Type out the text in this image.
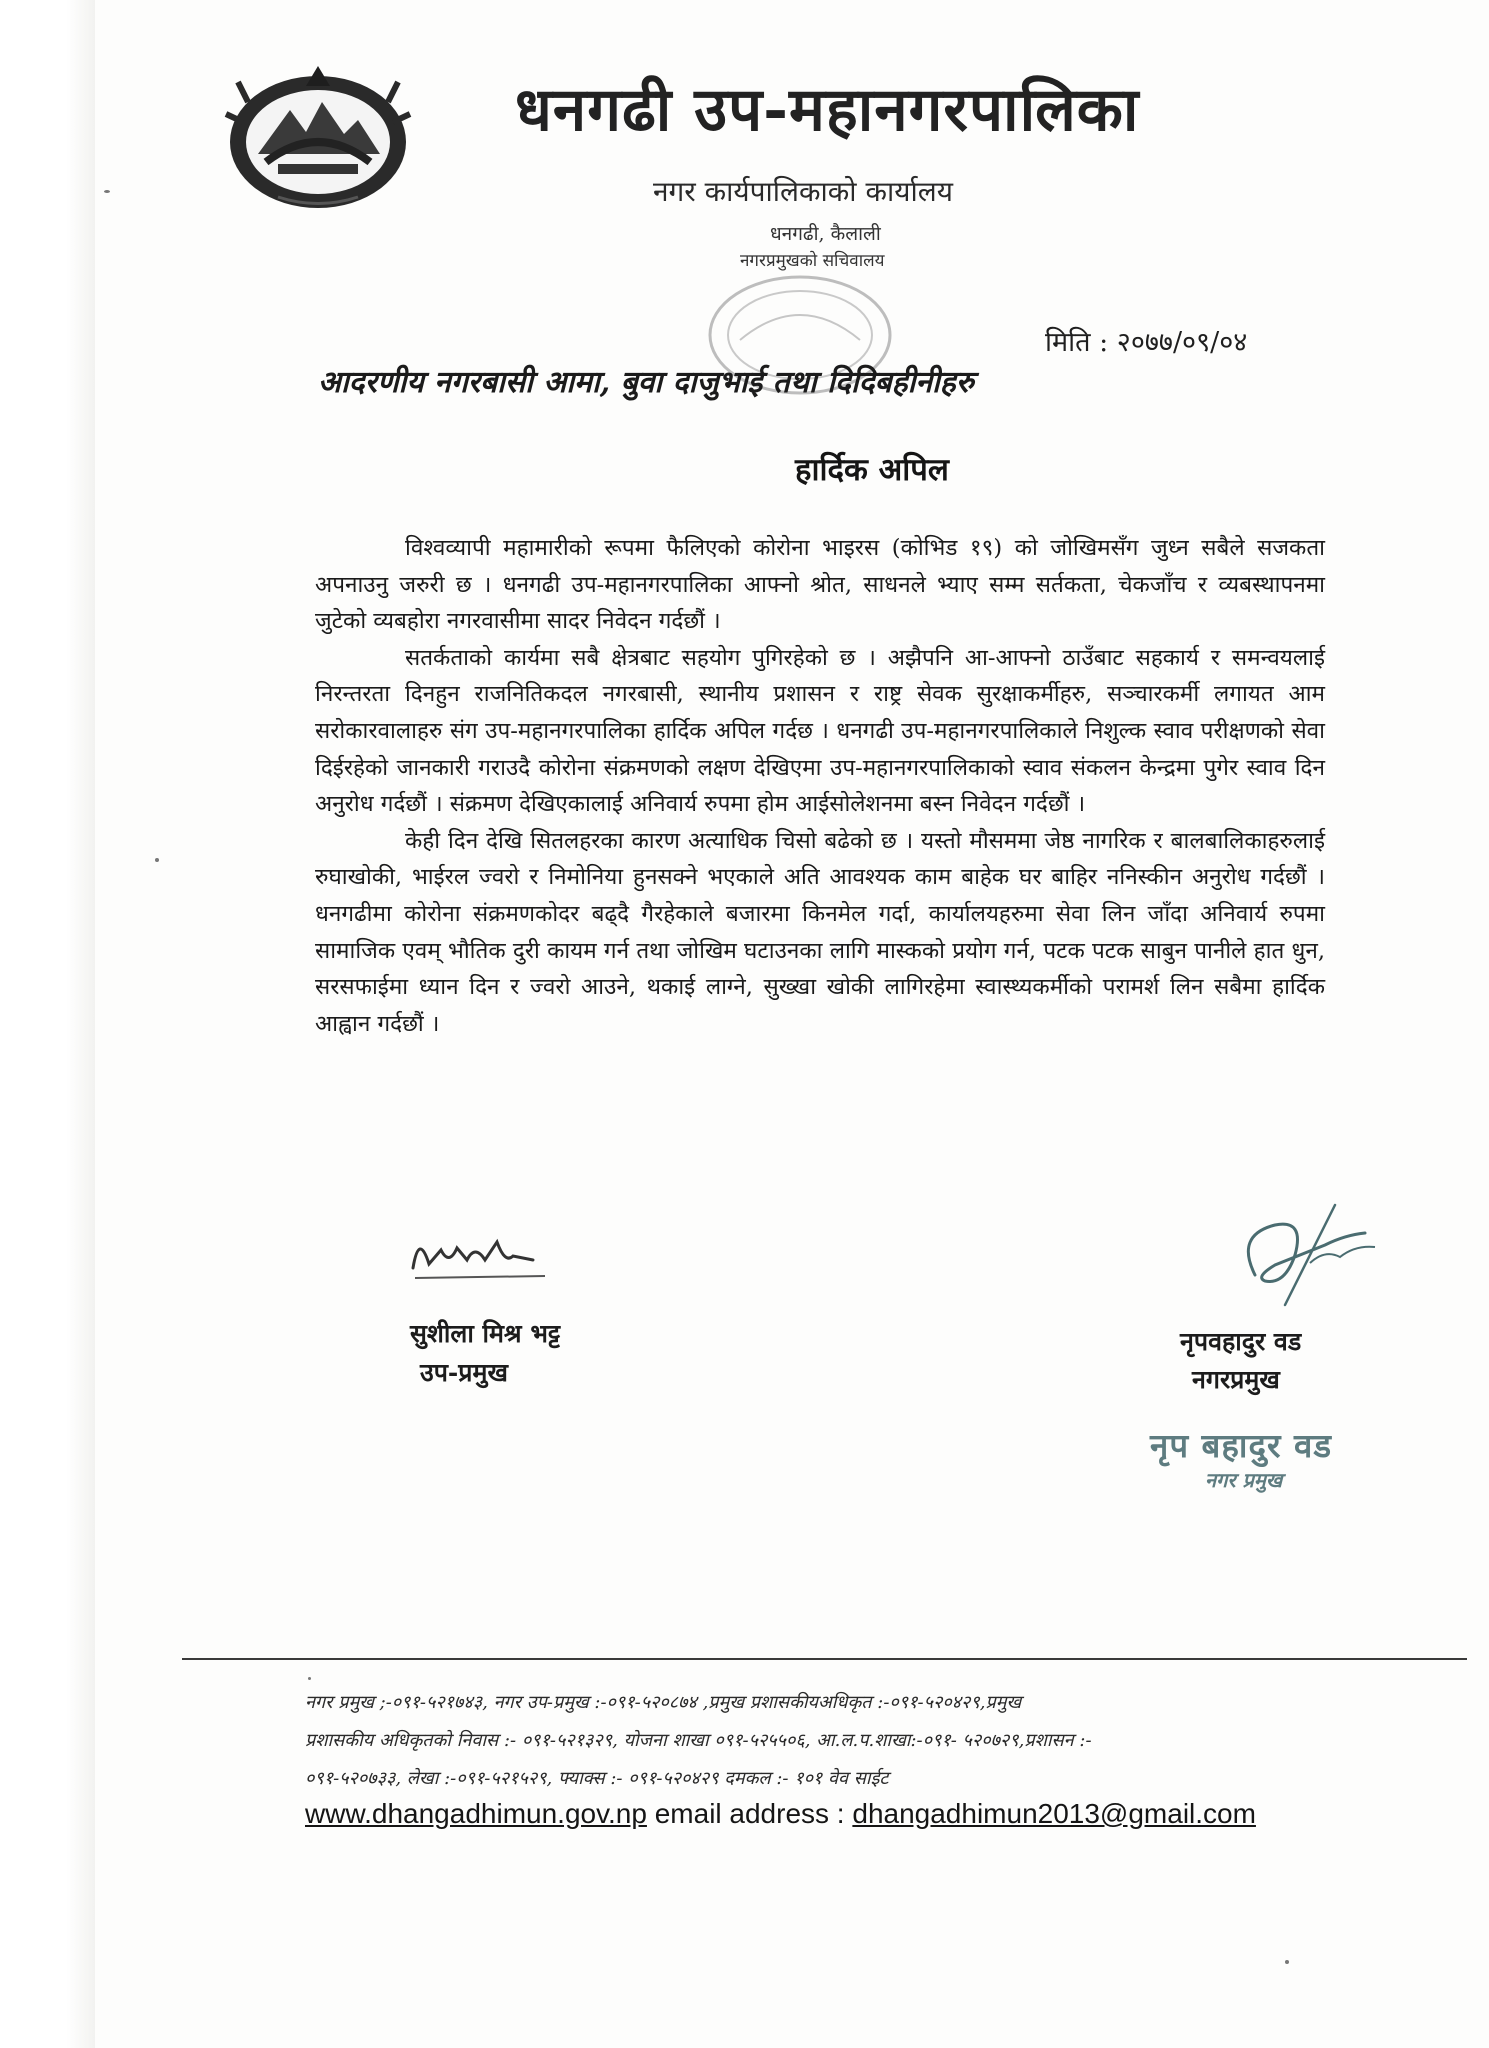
धनगढी उप-महानगरपालिका
नगर कार्यपालिकाको कार्यालय
धनगढी, कैलाली
नगरप्रमुखको सचिवालय
मिति : २०७७/०९/०४
आदरणीय नगरबासी आमा, बुवा दाजुभाई तथा दिदिबहीनीहरु
हार्दिक अपिल

विश्वव्यापी महामारीको रूपमा फैलिएको कोरोना भाइरस (कोभिड १९) को जोखिमसँग जुध्न सबैले सजकता अपनाउनु जरुरी छ । धनगढी उप-महानगरपालिका आफ्नो श्रोत, साधनले भ्याए सम्म सर्तकता, चेकजाँच र व्यबस्थापनमा जुटेको व्यबहोरा नगरवासीमा सादर निवेदन गर्दछौं ।

सतर्कताको कार्यमा सबै क्षेत्रबाट सहयोग पुगिरहेको छ । अझैपनि आ-आफ्नो ठाउँबाट सहकार्य र समन्वयलाई निरन्तरता दिनहुन राजनितिकदल नगरबासी, स्थानीय प्रशासन र राष्ट्र सेवक सुरक्षाकर्मीहरु, सञ्चारकर्मी लगायत आम सरोकारवालाहरु संग उप-महानगरपालिका हार्दिक अपिल गर्दछ । धनगढी उप-महानगरपालिकाले निशुल्क स्वाव परीक्षणको सेवा दिईरहेको जानकारी गराउदै कोरोना संक्रमणको लक्षण देखिएमा उप-महानगरपालिकाको स्वाव संकलन केन्द्रमा पुगेर स्वाव दिन अनुरोध गर्दछौं । संक्रमण देखिएकालाई अनिवार्य रुपमा होम आईसोलेशनमा बस्न निवेदन गर्दछौं ।

केही दिन देखि सितलहरका कारण अत्याधिक चिसो बढेको छ । यस्तो मौसममा जेष्ठ नागरिक र बालबालिकाहरुलाई रुघाखोकी, भाईरल ज्वरो र निमोनिया हुनसक्ने भएकाले अति आवश्यक काम बाहेक घर बाहिर ननिस्कीन अनुरोध गर्दछौं । धनगढीमा कोरोना संक्रमणकोदर बढ्दै गैरहेकाले बजारमा किनमेल गर्दा, कार्यालयहरुमा सेवा लिन जाँदा अनिवार्य रुपमा सामाजिक एवम् भौतिक दुरी कायम गर्न तथा जोखिम घटाउनका लागि मास्कको प्रयोग गर्न, पटक पटक साबुन पानीले हात धुन, सरसफाईमा ध्यान दिन र ज्वरो आउने, थकाई लाग्ने, सुख्खा खोकी लागिरहेमा स्वास्थ्यकर्मीको परामर्श लिन सबैमा हार्दिक आह्वान गर्दछौं ।

सुशीला मिश्र भट्ट
उप-प्रमुख
नृपवहादुर वड
नगरप्रमुख
नृप बहादुर वड
नगर प्रमुख
नगर प्रमुख ;-०९१-५२१७४३, नगर उप-प्रमुख :-०९१-५२०८७४ ,प्रमुख प्रशासकीयअधिकृत :-०९१-५२०४२९,प्रमुख
प्रशासकीय अधिकृतको निवास :- ०९१-५२१३२९, योजना शाखा ०९१-५२५५०६, आ.ल.प.शाखा:-०९१- ५२०७२९,प्रशासन :-
०९१-५२०७३३, लेखा :-०९१-५२१५२९, फ्याक्स :- ०९१-५२०४२९ दमकल :- १०१ वेव साईट
www.dhangadhimun.gov.np email address : dhangadhimun2013@gmail.com
